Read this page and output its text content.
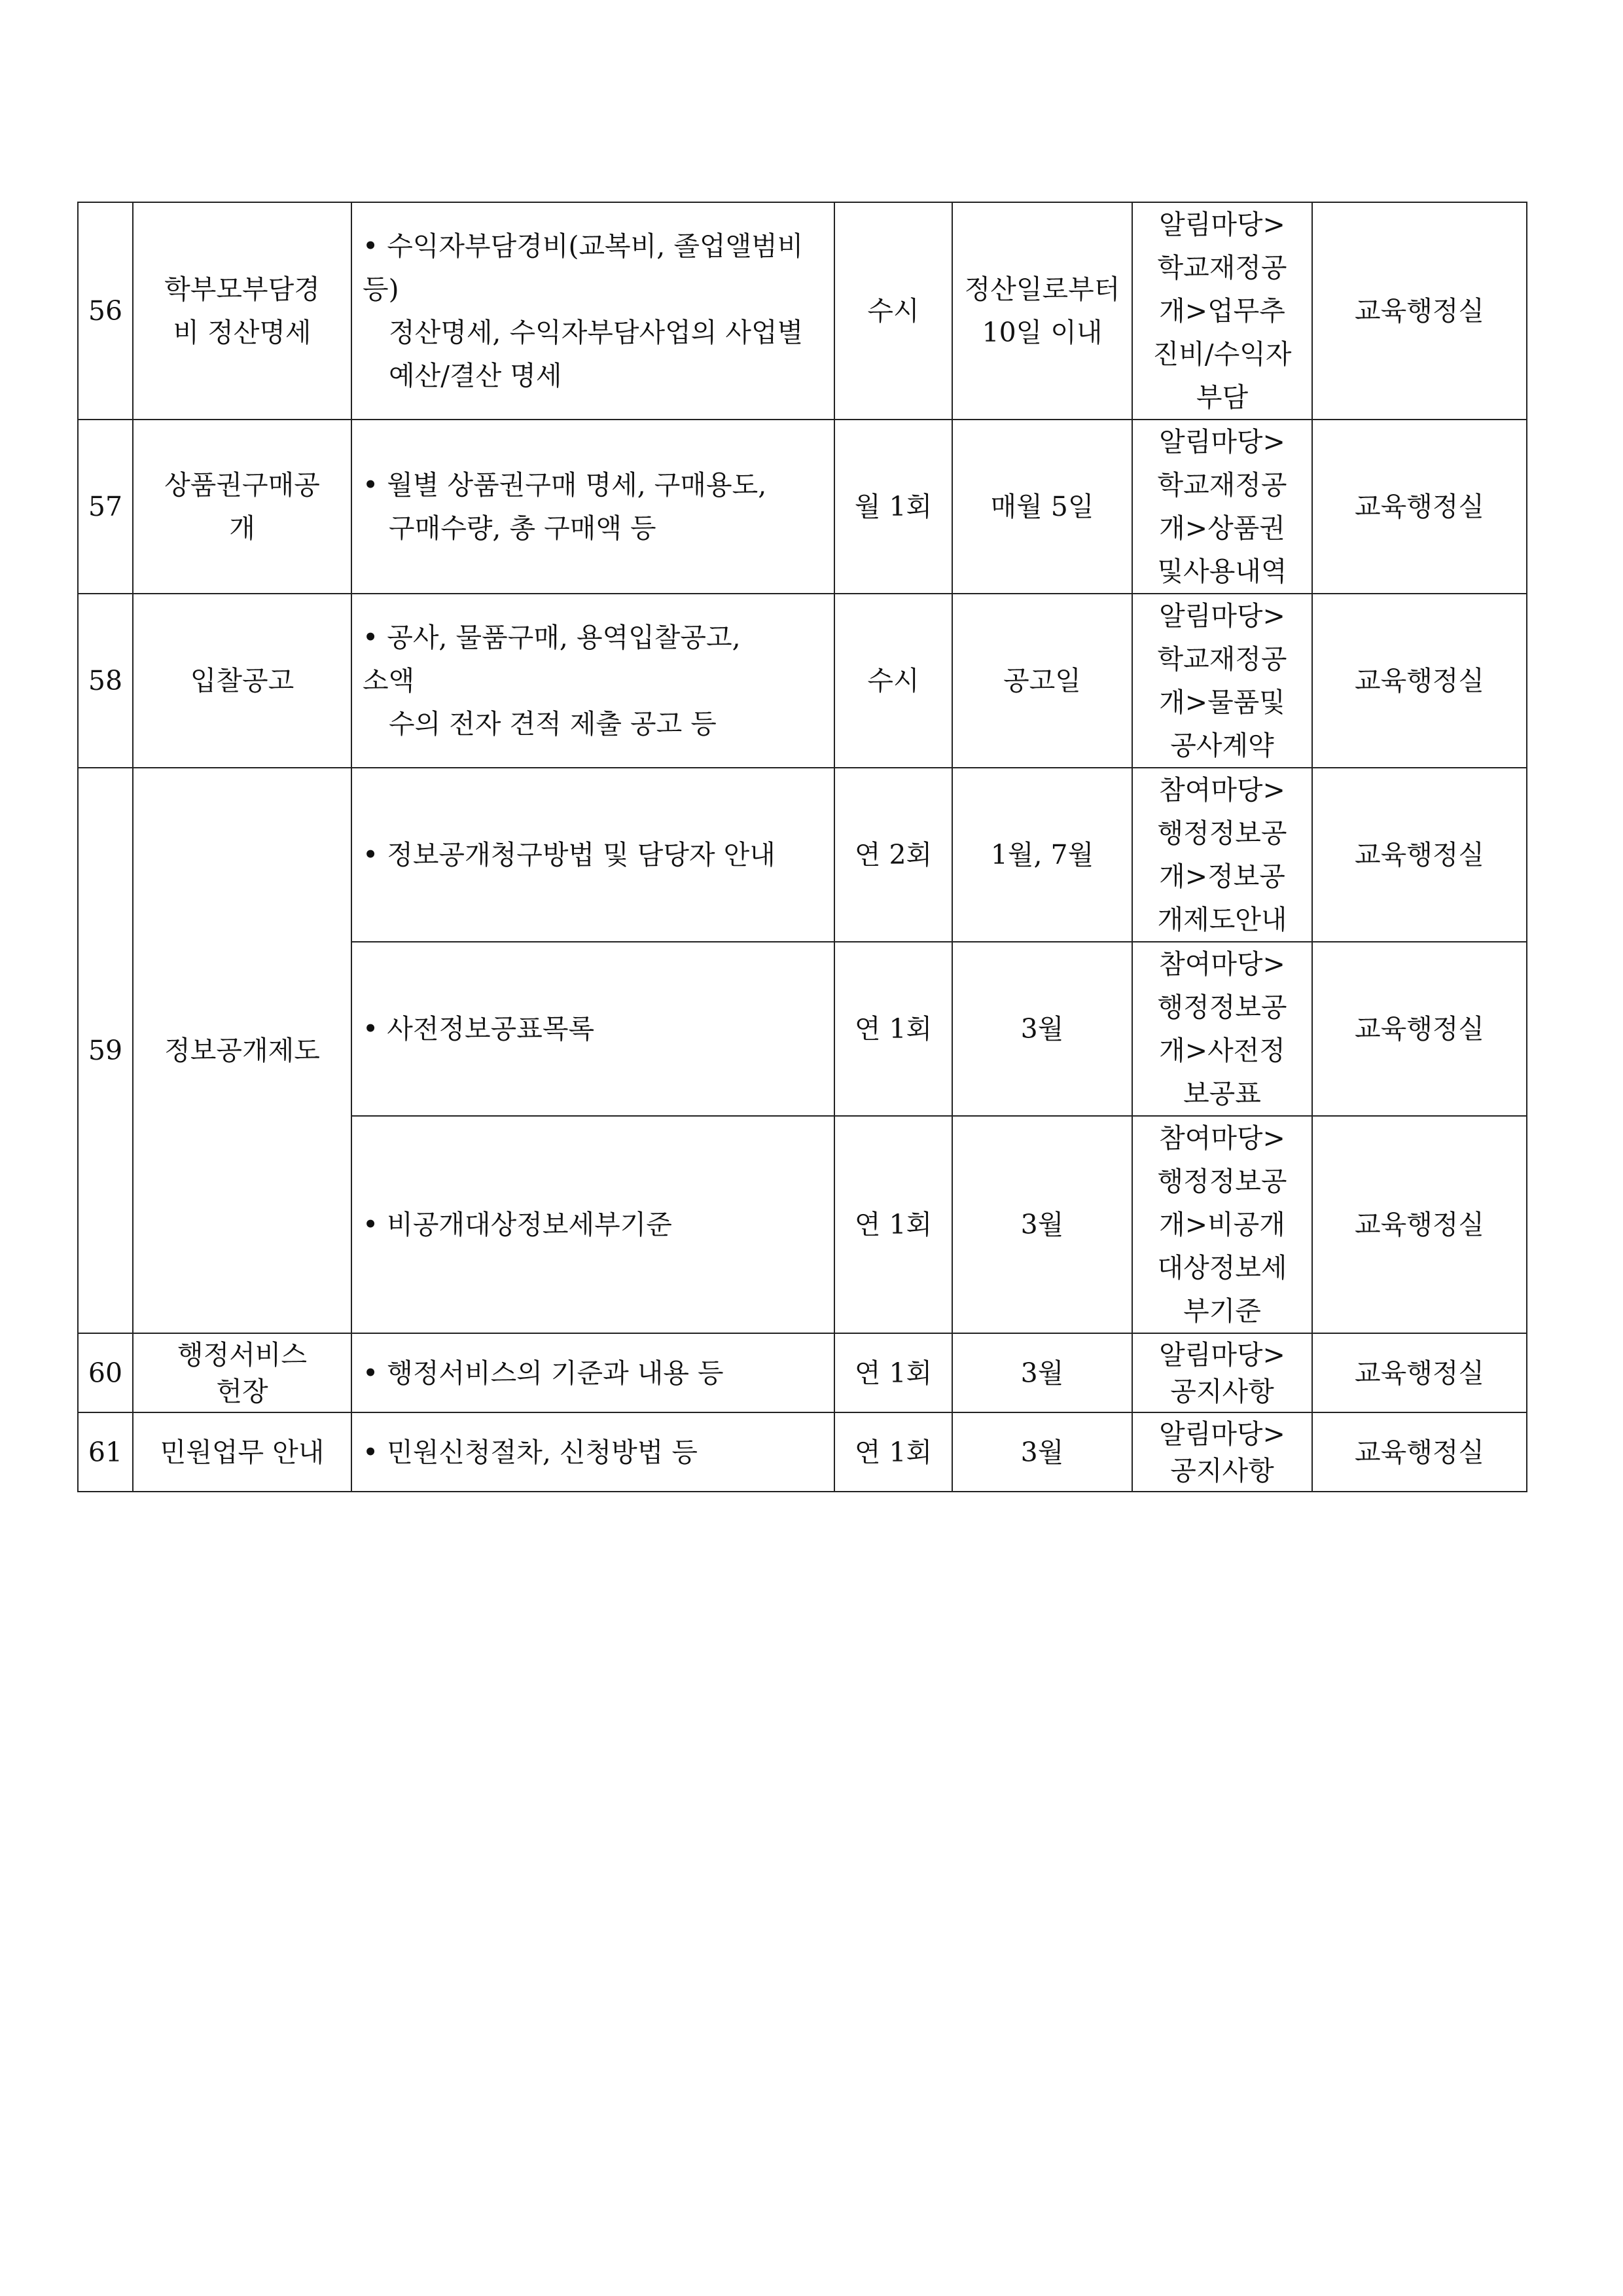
56	학부모부담경
비 정산명세	• 수익자부담경비(교복비, 졸업앨범비
등)
정산명세, 수익자부담사업의 사업별
예산/결산 명세	수시	정산일로부터
10일 이내	알림마당>
학교재정공
개>업무추
진비/수익자
부담	교육행정실
57	상품권구매공
개	• 월별 상품권구매 명세, 구매용도,
구매수량, 총 구매액 등	월 1회	매월 5일	알림마당>
학교재정공
개>상품권
및사용내역	교육행정실
58	입찰공고	• 공사, 물품구매, 용역입찰공고,
소액
수의 전자 견적 제출 공고 등	수시	공고일	알림마당>
학교재정공
개>물품및
공사계약	교육행정실
59	정보공개제도	• 정보공개청구방법 및 담당자 안내	연 2회	1월, 7월	참여마당>
행정정보공
개>정보공
개제도안내	교육행정실
		• 사전정보공표목록	연 1회	3월	참여마당>
행정정보공
개>사전정
보공표	교육행정실
		• 비공개대상정보세부기준	연 1회	3월	참여마당>
행정정보공
개>비공개
대상정보세
부기준	교육행정실
60	행정서비스
헌장	• 행정서비스의 기준과 내용 등	연 1회	3월	알림마당>
공지사항	교육행정실
61	민원업무 안내	• 민원신청절차, 신청방법 등	연 1회	3월	알림마당>
공지사항	교육행정실
